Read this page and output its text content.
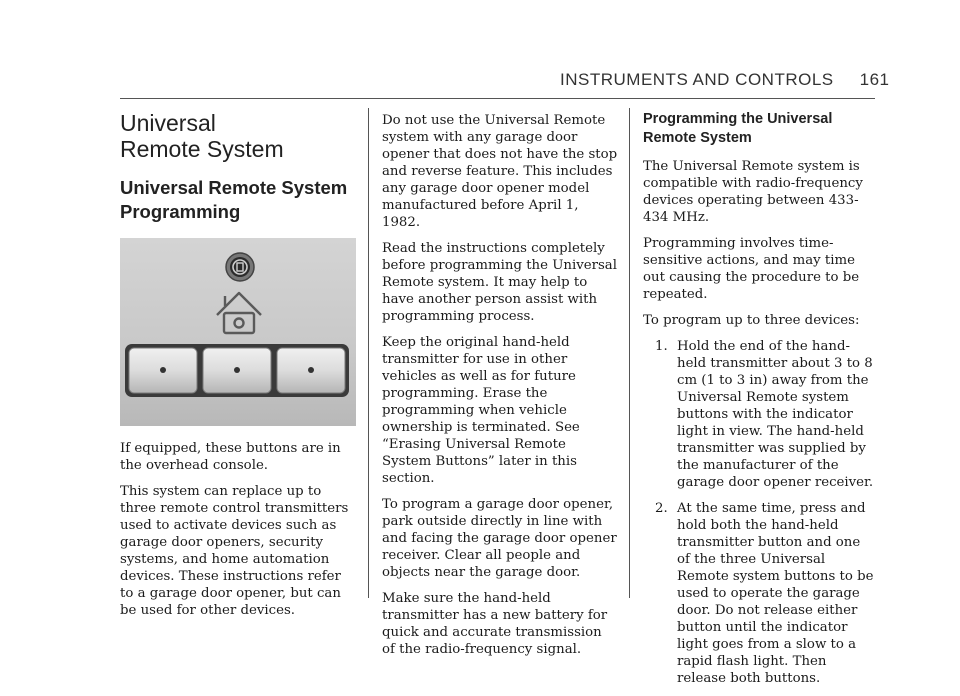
INSTRUMENTS AND CONTROLS 161
Universal Remote System
Universal Remote System Programming

If equipped, these buttons are in the overhead console.

This system can replace up to three remote control transmitters used to activate devices such as garage door openers, security systems, and home automation devices. These instructions refer to a garage door opener, but can be used for other devices.

Do not use the Universal Remote system with any garage door opener that does not have the stop and reverse feature. This includes any garage door opener model manufactured before April 1, 1982.

Read the instructions completely before programming the Universal Remote system. It may help to have another person assist with programming process.

Keep the original hand-held transmitter for use in other vehicles as well as for future programming. Erase the programming when vehicle ownership is terminated. See “Erasing Universal Remote System Buttons” later in this section.

To program a garage door opener, park outside directly in line with and facing the garage door opener receiver. Clear all people and objects near the garage door.

Make sure the hand-held transmitter has a new battery for quick and accurate transmission of the radio-frequency signal.

Programming the Universal Remote System

The Universal Remote system is compatible with radio-frequency devices operating between 433-434 MHz.

Programming involves time-sensitive actions, and may time out causing the procedure to be repeated.

To program up to three devices:

1. Hold the end of the hand-held transmitter about 3 to 8 cm (1 to 3 in) away from the Universal Remote system buttons with the indicator light in view. The hand-held transmitter was supplied by the manufacturer of the garage door opener receiver.
2. At the same time, press and hold both the hand-held transmitter button and one of the three Universal Remote system buttons to be used to operate the garage door. Do not release either button until the indicator light goes from a slow to a rapid flash light. Then release both buttons.
